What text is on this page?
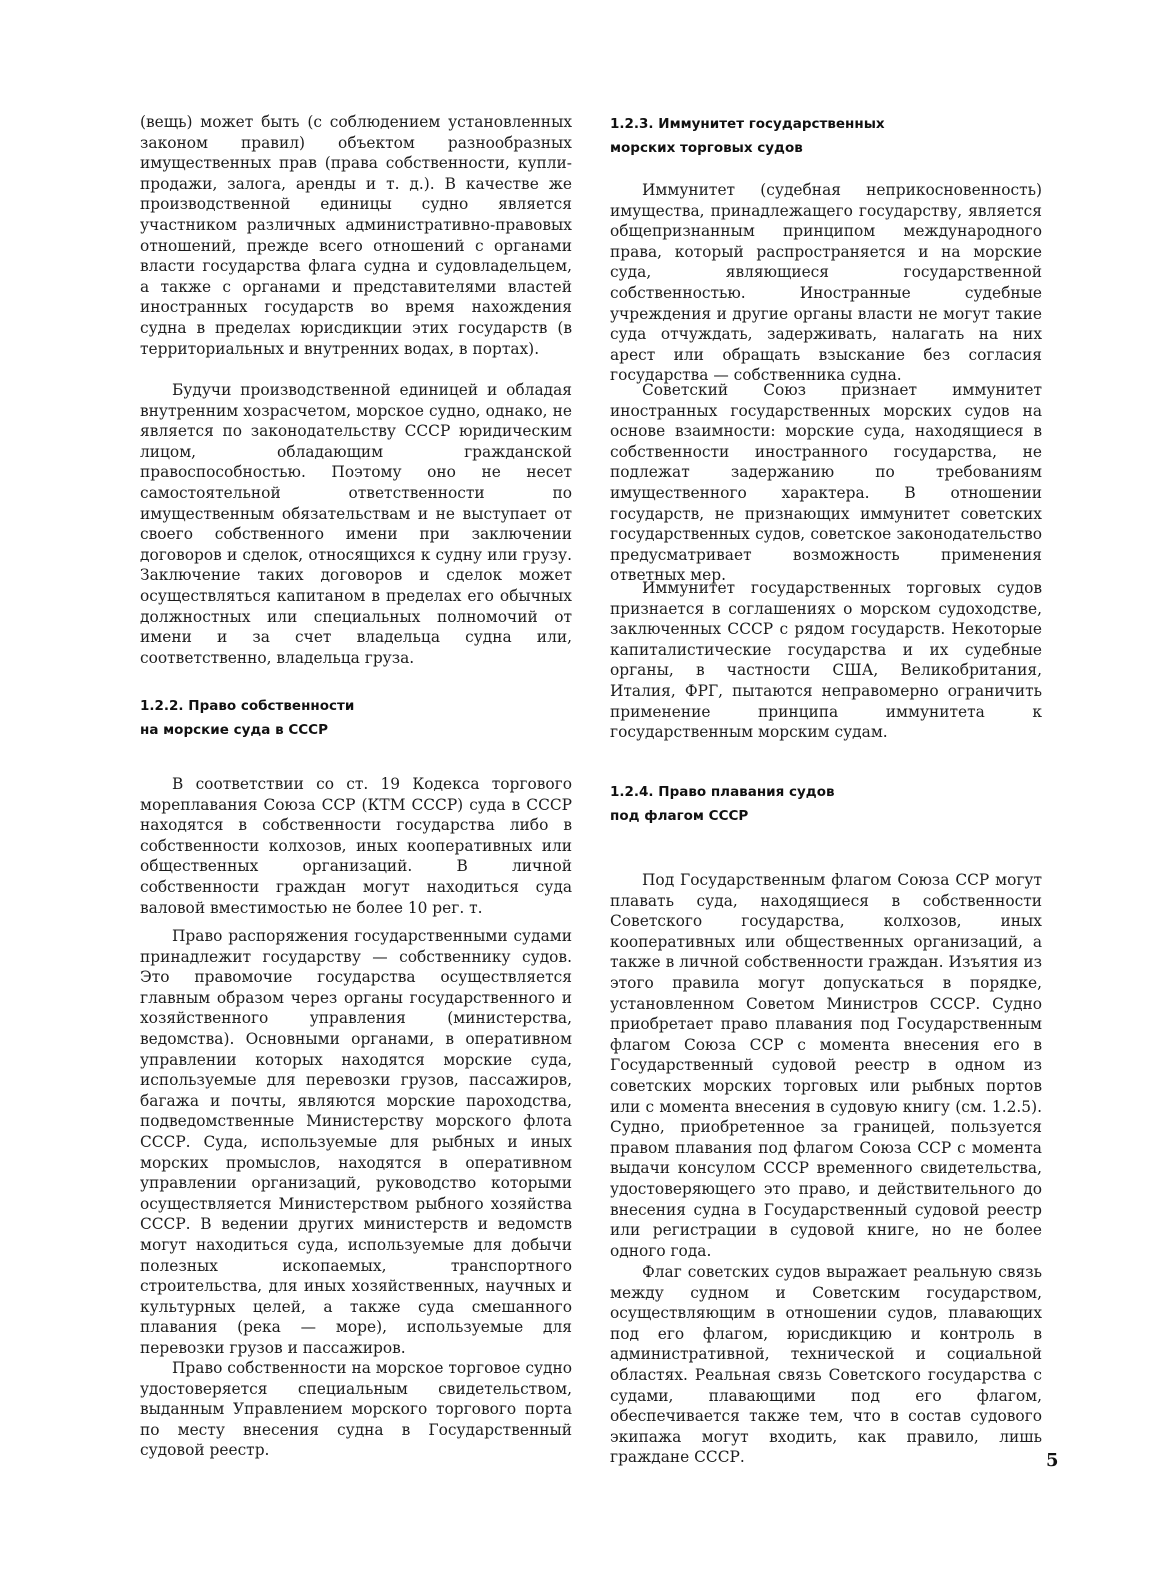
(вещь) может быть (с соблюдением установленных законом правил) объектом разнообразных имущественных прав (права собственности, купли-продажи, залога, аренды и т. д.). В качестве же производственной единицы судно является участником различных административно-правовых отношений, прежде всего отношений с органами власти государства флага судна и судовладельцем, а также с органами и представителями властей иностранных государств во время нахождения судна в пределах юрисдикции этих государств (в территориальных и внутренних водах, в портах).

Будучи производственной единицей и обладая внутренним хозрасчетом, морское судно, однако, не является по законодательству СССР юридическим лицом, обладающим гражданской правоспособностью. Поэтому оно не несет самостоятельной ответственности по имущественным обязательствам и не выступает от своего собственного имени при заключении договоров и сделок, относящихся к судну или грузу. Заключение таких договоров и сделок может осуществляться капитаном в пределах его обычных должностных или специальных полномочий от имени и за счет владельца судна или, соответственно, владельца груза.

1.2.2. Право собственности
на морские суда в СССР

В соответствии со ст. 19 Кодекса торгового мореплавания Союза ССР (КТМ СССР) суда в СССР находятся в собственности государства либо в собственности колхозов, иных кооперативных или общественных организаций. В личной собственности граждан могут находиться суда валовой вместимостью не более 10 рег. т.

Право распоряжения государственными судами принадлежит государству — собственнику судов. Это правомочие государства осуществляется главным образом через органы государственного и хозяйственного управления (министерства, ведомства). Основными органами, в оперативном управлении которых находятся морские суда, используемые для перевозки грузов, пассажиров, багажа и почты, являются морские пароходства, подведомственные Министерству морского флота СССР. Суда, используемые для рыбных и иных морских промыслов, находятся в оперативном управлении организаций, руководство которыми осуществляется Министерством рыбного хозяйства СССР. В ведении других министерств и ведомств могут находиться суда, используемые для добычи полезных ископаемых, транспортного строительства, для иных хозяйственных, научных и культурных целей, а также суда смешанного плавания (река — море), используемые для перевозки грузов и пассажиров.

Право собственности на морское торговое судно удостоверяется специальным свидетельством, выданным Управлением морского торгового порта по месту внесения судна в Государственный судовой реестр.

1.2.3. Иммунитет государственных
морских торговых судов

Иммунитет (судебная неприкосновенность) имущества, принадлежащего государству, является общепризнанным принципом международного права, который распространяется и на морские суда, являющиеся государственной собственностью. Иностранные судебные учреждения и другие органы власти не могут такие суда отчуждать, задерживать, налагать на них арест или обращать взыскание без согласия государства — собственника судна.

Советский Союз признает иммунитет иностранных государственных морских судов на основе взаимности: морские суда, находящиеся в собственности иностранного государства, не подлежат задержанию по требованиям имущественного характера. В отношении государств, не признающих иммунитет советских государственных судов, советское законодательство предусматривает возможность применения ответных мер.

Иммунитет государственных торговых судов признается в соглашениях о морском судоходстве, заключенных СССР с рядом государств. Некоторые капиталистические государства и их судебные органы, в частности США, Великобритания, Италия, ФРГ, пытаются неправомерно ограничить применение принципа иммунитета к государственным морским судам.

1.2.4. Право плавания судов
под флагом СССР

Под Государственным флагом Союза ССР могут плавать суда, находящиеся в собственности Советского государства, колхозов, иных кооперативных или общественных организаций, а также в личной собственности граждан. Изъятия из этого правила могут допускаться в порядке, установленном Советом Министров СССР. Судно приобретает право плавания под Государственным флагом Союза ССР с момента внесения его в Государственный судовой реестр в одном из советских морских торговых или рыбных портов или с момента внесения в судовую книгу (см. 1.2.5). Судно, приобретенное за границей, пользуется правом плавания под флагом Союза ССР с момента выдачи консулом СССР временного свидетельства, удостоверяющего это право, и действительного до внесения судна в Государственный судовой реестр или регистрации в судовой книге, но не более одного года.

Флаг советских судов выражает реальную связь между судном и Советским государством, осуществляющим в отношении судов, плавающих под его флагом, юрисдикцию и контроль в административной, технической и социальной областях. Реальная связь Советского государства с судами, плавающими под его флагом, обеспечивается также тем, что в состав судового экипажа могут входить, как правило, лишь граждане СССР.	5
